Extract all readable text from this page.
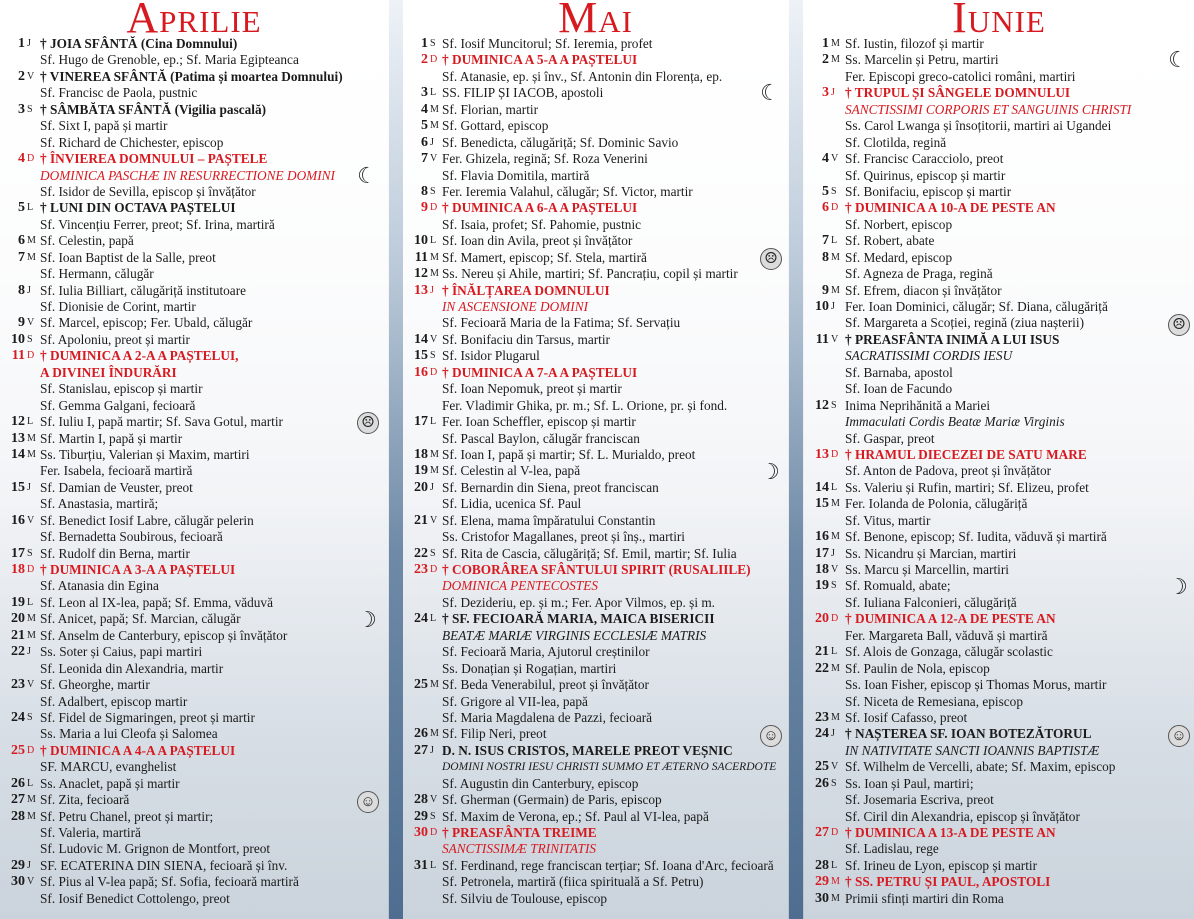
Aprilie
1 J † JOIA SFÂNTĂ (Cina Domnului)
Sf. Hugo de Grenoble, ep.; Sf. Maria Egipteanca
2 V † VINEREA SFÂNTĂ (Patima și moartea Domnului)
Sf. Francisc de Paola, pustnic
3 S † SÂMBĂTA SFÂNTĂ (Vigilia pascală)
Sf. Sixt I, papă și martir
Sf. Richard de Chichester, episcop
4 D † ÎNVIEREA DOMNULUI – PAȘTELE
DOMINICA PASCHÆ IN RESURRECTIONE DOMINI
Sf. Isidor de Sevilla, episcop și învățător
5 L † LUNI DIN OCTAVA PAȘTELUI
Sf. Vincențiu Ferrer, preot; Sf. Irina, martiră
6 M Sf. Celestin, papă
7 M Sf. Ioan Baptist de la Salle, preot
Sf. Hermann, călugăr
8 J Sf. Iulia Billiart, călugăriță institutoare
Sf. Dionisie de Corint, martir
9 V Sf. Marcel, episcop; Fer. Ubald, călugăr
10 S Sf. Apoloniu, preot și martir
11 D † DUMINICA A 2-A A PAȘTELUI,
A DIVINEI ÎNDURĂRI
Sf. Stanislau, episcop și martir
Sf. Gemma Galgani, fecioară
12 L Sf. Iuliu I, papă martir; Sf. Sava Gotul, martir
13 M Sf. Martin I, papă și martir
14 M Ss. Tiburțiu, Valerian și Maxim, martiri
Fer. Isabela, fecioară martiră
15 J Sf. Damian de Veuster, preot
Sf. Anastasia, martiră;
16 V Sf. Benedict Iosif Labre, călugăr pelerin
Sf. Bernadetta Soubirous, fecioară
17 S Sf. Rudolf din Berna, martir
18 D † DUMINICA A 3-A A PAȘTELUI
Sf. Atanasia din Egina
19 L Sf. Leon al IX-lea, papă; Sf. Emma, văduvă
20 M Sf. Anicet, papă; Sf. Marcian, călugăr
21 M Sf. Anselm de Canterbury, episcop și învățător
22 J Ss. Soter și Caius, papi martiri
Sf. Leonida din Alexandria, martir
23 V Sf. Gheorghe, martir
Sf. Adalbert, episcop martir
24 S Sf. Fidel de Sigmaringen, preot și martir
Ss. Maria a lui Cleofa și Salomea
25 D † DUMINICA A 4-A A PAȘTELUI
SF. MARCU, evanghelist
26 L Ss. Anaclet, papă și martir
27 M Sf. Zita, fecioară
28 M Sf. Petru Chanel, preot și martir;
Sf. Valeria, martiră
Sf. Ludovic M. Grignon de Montfort, preot
29 J SF. ECATERINA DIN SIENA, fecioară și înv.
30 V Sf. Pius al V-lea papă; Sf. Sofia, fecioară martiră
Sf. Iosif Benedict Cottolengo, preot
☾
☹
☽
☺
Mai
1 S Sf. Iosif Muncitorul; Sf. Ieremia, profet
2 D † DUMINICA A 5-A A PAȘTELUI
Sf. Atanasie, ep. și înv., Sf. Antonin din Florența, ep.
3 L SS. FILIP ȘI IACOB, apostoli
4 M Sf. Florian, martir
5 M Sf. Gottard, episcop
6 J Sf. Benedicta, călugăriță; Sf. Dominic Savio
7 V Fer. Ghizela, regină; Sf. Roza Venerini
Sf. Flavia Domitila, martiră
8 S Fer. Ieremia Valahul, călugăr; Sf. Victor, martir
9 D † DUMINICA A 6-A A PAȘTELUI
Sf. Isaia, profet; Sf. Pahomie, pustnic
10 L Sf. Ioan din Avila, preot și învățător
11 M Sf. Mamert, episcop; Sf. Stela, martiră
12 M Ss. Nereu și Ahile, martiri; Sf. Pancrațiu, copil și martir
13 J † ÎNĂLȚAREA DOMNULUI
IN ASCENSIONE DOMINI
Sf. Fecioară Maria de la Fatima; Sf. Servațiu
14 V Sf. Bonifaciu din Tarsus, martir
15 S Sf. Isidor Plugarul
16 D † DUMINICA A 7-A A PAȘTELUI
Sf. Ioan Nepomuk, preot și martir
Fer. Vladimir Ghika, pr. m.; Sf. L. Orione, pr. și fond.
17 L Fer. Ioan Scheffler, episcop și martir
Sf. Pascal Baylon, călugăr franciscan
18 M Sf. Ioan I, papă și martir; Sf. L. Murialdo, preot
19 M Sf. Celestin al V-lea, papă
20 J Sf. Bernardin din Siena, preot franciscan
Sf. Lidia, ucenica Sf. Paul
21 V Sf. Elena, mama împăratului Constantin
Ss. Cristofor Magallanes, preot și înș., martiri
22 S Sf. Rita de Cascia, călugăriță; Sf. Emil, martir; Sf. Iulia
23 D † COBORÂREA SFÂNTULUI SPIRIT (RUSALIILE)
DOMINICA PENTECOSTES
Sf. Dezideriu, ep. și m.; Fer. Apor Vilmos, ep. și m.
24 L † SF. FECIOARĂ MARIA, MAICA BISERICII
BEATÆ MARIÆ VIRGINIS ECCLESIÆ MATRIS
Sf. Fecioară Maria, Ajutorul creștinilor
Ss. Donațian și Rogațian, martiri
25 M Sf. Beda Venerabilul, preot și învățător
Sf. Grigore al VII-lea, papă
Sf. Maria Magdalena de Pazzi, fecioară
26 M Sf. Filip Neri, preot
27 J D. N. ISUS CRISTOS, MARELE PREOT VEȘNIC
DOMINI NOSTRI IESU CHRISTI SUMMO ET ÆTERNO SACERDOTE
Sf. Augustin din Canterbury, episcop
28 V Sf. Gherman (Germain) de Paris, episcop
29 S Sf. Maxim de Verona, ep.; Sf. Paul al VI-lea, papă
30 D † PREASFÂNTA TREIME
SANCTISSIMÆ TRINITATIS
31 L Sf. Ferdinand, rege franciscan terțiar; Sf. Ioana d'Arc, fecioară
Sf. Petronela, martiră (fiica spirituală a Sf. Petru)
Sf. Silviu de Toulouse, episcop
☾
☹
☽
☺
Iunie
1 M Sf. Iustin, filozof și martir
2 M Ss. Marcelin și Petru, martiri
Fer. Episcopi greco-catolici români, martiri
3 J † TRUPUL ȘI SÂNGELE DOMNULUI
SANCTISSIMI CORPORIS ET SANGUINIS CHRISTI
Ss. Carol Lwanga și însoțitorii, martiri ai Ugandei
Sf. Clotilda, regină
4 V Sf. Francisc Caracciolo, preot
Sf. Quirinus, episcop și martir
5 S Sf. Bonifaciu, episcop și martir
6 D † DUMINICA A 10-A DE PESTE AN
Sf. Norbert, episcop
7 L Sf. Robert, abate
8 M Sf. Medard, episcop
Sf. Agneza de Praga, regină
9 M Sf. Efrem, diacon și învățător
10 J Fer. Ioan Dominici, călugăr; Sf. Diana, călugăriță
Sf. Margareta a Scoției, regină (ziua nașterii)
11 V † PREASFÂNTA INIMĂ A LUI ISUS
SACRATISSIMI CORDIS IESU
Sf. Barnaba, apostol
Sf. Ioan de Facundo
12 S Inima Neprihănită a Mariei
Immaculati Cordis Beatæ Mariæ Virginis
Sf. Gaspar, preot
13 D † HRAMUL DIECEZEI DE SATU MARE
Sf. Anton de Padova, preot și învățător
14 L Ss. Valeriu și Rufin, martiri; Sf. Elizeu, profet
15 M Fer. Iolanda de Polonia, călugăriță
Sf. Vitus, martir
16 M Sf. Benone, episcop; Sf. Iudita, văduvă și martiră
17 J Ss. Nicandru și Marcian, martiri
18 V Ss. Marcu și Marcellin, martiri
19 S Sf. Romuald, abate;
Sf. Iuliana Falconieri, călugăriță
20 D † DUMINICA A 12-A DE PESTE AN
Fer. Margareta Ball, văduvă și martiră
21 L Sf. Alois de Gonzaga, călugăr scolastic
22 M Sf. Paulin de Nola, episcop
Ss. Ioan Fisher, episcop și Thomas Morus, martir
Sf. Niceta de Remesiana, episcop
23 M Sf. Iosif Cafasso, preot
24 J † NAȘTEREA SF. IOAN BOTEZĂTORUL
IN NATIVITATE SANCTI IOANNIS BAPTISTÆ
25 V Sf. Wilhelm de Vercelli, abate; Sf. Maxim, episcop
26 S Ss. Ioan și Paul, martiri;
Sf. Josemaria Escriva, preot
Sf. Ciril din Alexandria, episcop și învățător
27 D † DUMINICA A 13-A DE PESTE AN
Sf. Ladislau, rege
28 L Sf. Irineu de Lyon, episcop și martir
29 M † SS. PETRU ȘI PAUL, APOSTOLI
30 M Primii sfinți martiri din Roma
☾
☹
☽
☺
